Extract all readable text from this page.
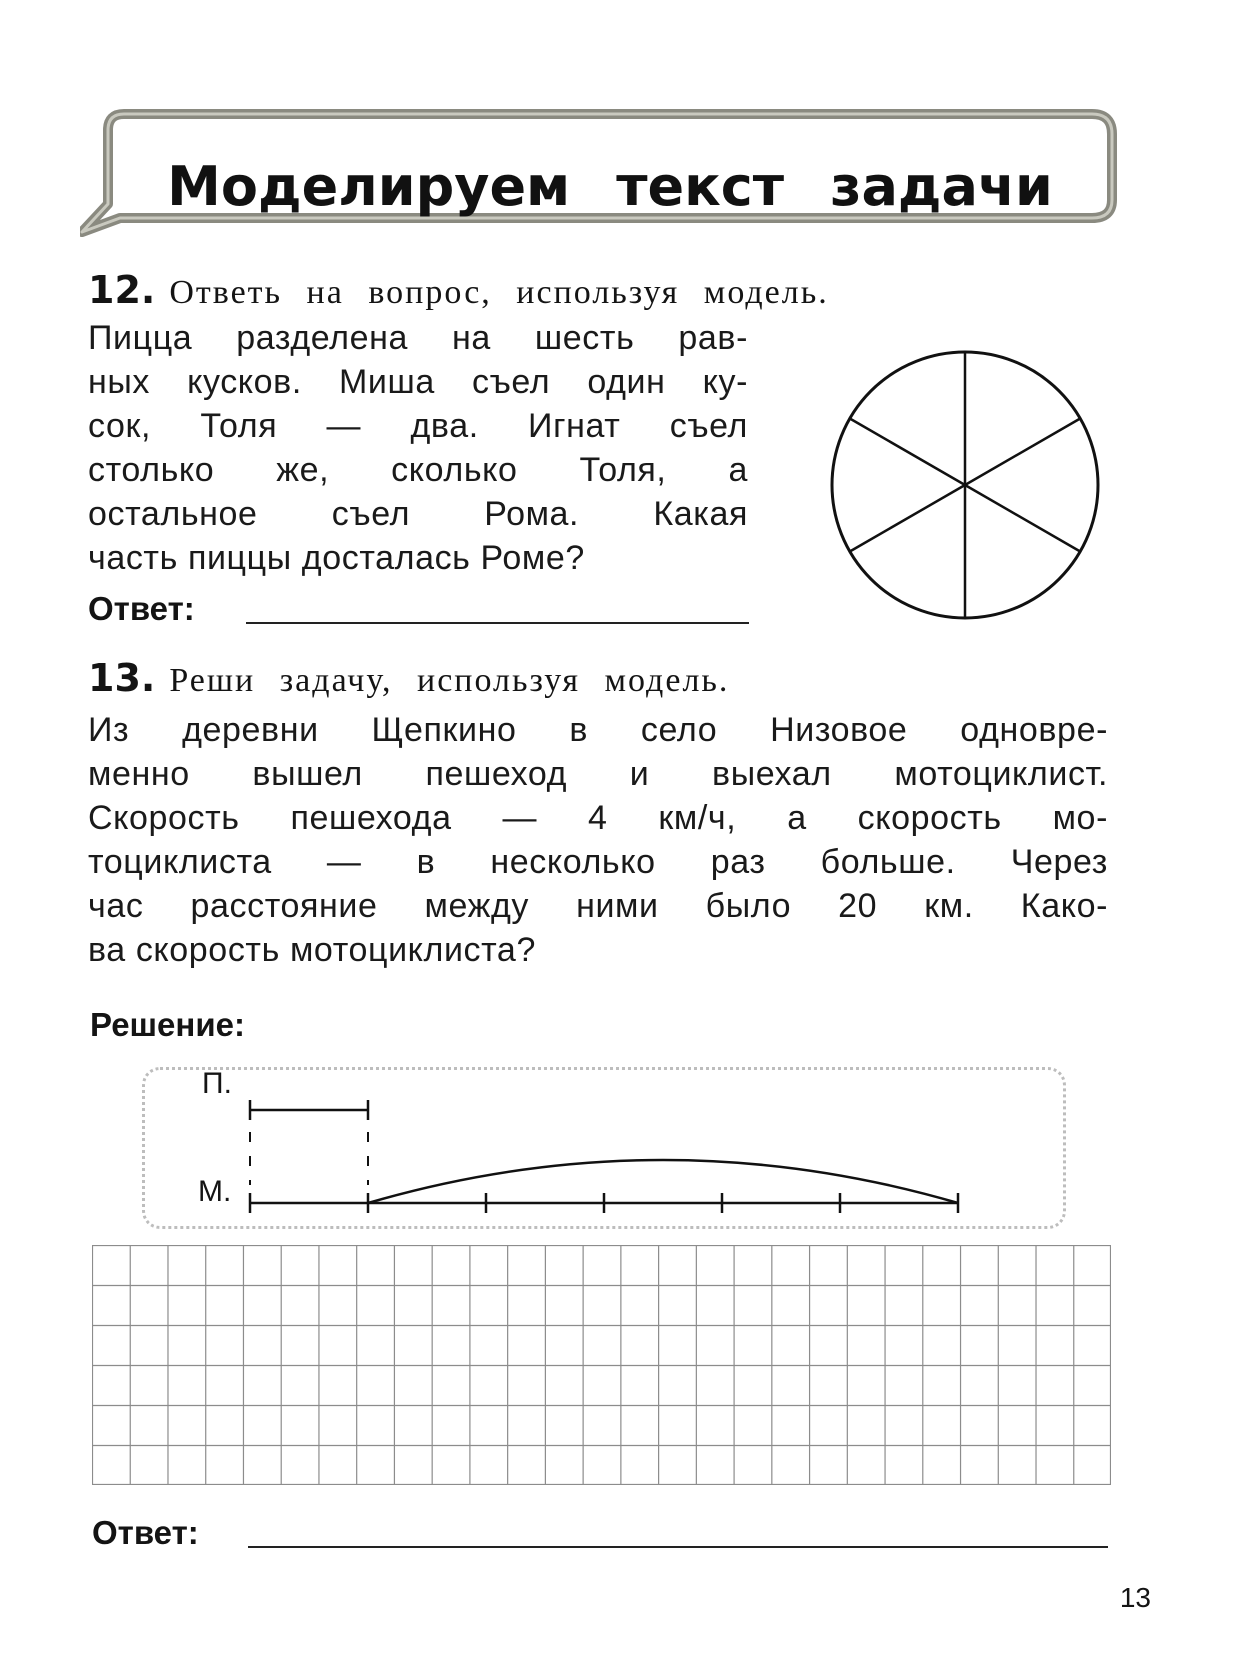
Моделируем текст задачи
12. Ответь на вопрос, используя модель.
Пицца разделена на шесть рав-
ных кусков. Миша съел один ку-
сок, Толя — два. Игнат съел
столько же, сколько Толя, а
остальное съел Рома. Какая
часть пиццы досталась Роме?
Ответ:
13. Реши задачу, используя модель.
Из деревни Щепкино в село Низовое одновре-
менно вышел пешеход и выехал мотоциклист.
Скорость пешехода — 4 км/ч, а скорость мо-
тоциклиста — в несколько раз больше. Через
час расстояние между ними было 20 км. Како-
ва скорость мотоциклиста?
Решение:
П.
М.
Ответ:
13
